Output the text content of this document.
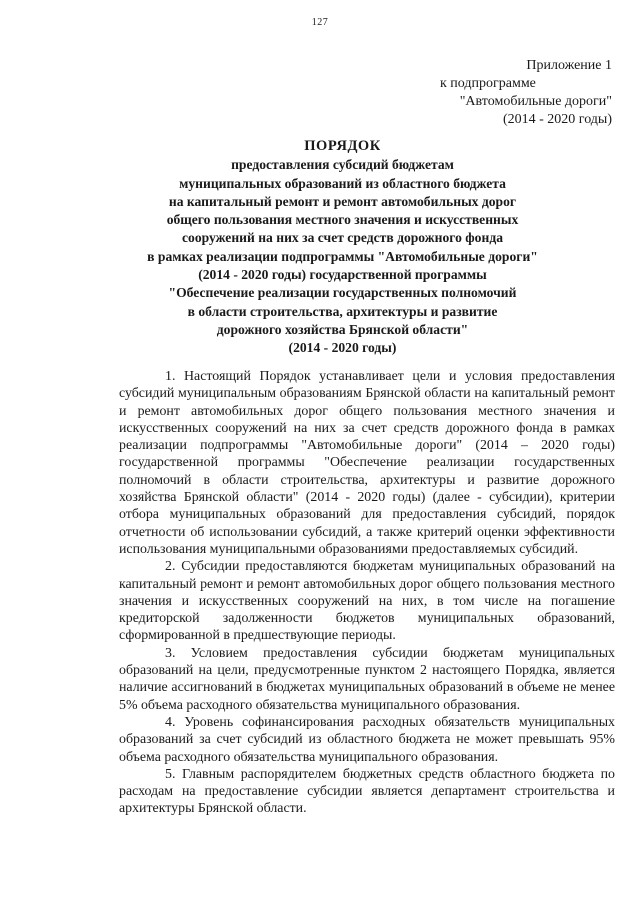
127
Приложение 1
к подпрограмме
"Автомобильные дороги"
(2014 - 2020 годы)
ПОРЯДОК
предоставления субсидий бюджетам
муниципальных образований из областного бюджета
на капитальный ремонт и ремонт автомобильных дорог
общего пользования местного значения и искусственных
сооружений на них за счет средств дорожного фонда
в рамках реализации подпрограммы "Автомобильные дороги"
(2014 - 2020 годы) государственной программы
"Обеспечение реализации государственных полномочий
в области строительства, архитектуры и развитие
дорожного хозяйства Брянской области"
(2014 - 2020 годы)

1. Настоящий Порядок устанавливает цели и условия предоставления субсидий муниципальным образованиям Брянской области на капитальный ремонт и ремонт автомобильных дорог общего пользования местного значения и искусственных сооружений на них за счет средств дорожного фонда в рамках реализации подпрограммы "Автомобильные дороги" (2014 – 2020 годы) государственной программы "Обеспечение реализации государственных полномочий в области строительства, архитектуры и развитие дорожного хозяйства Брянской области" (2014 - 2020 годы) (далее - субсидии), критерии отбора муниципальных образований для предоставления субсидий, порядок отчетности об использовании субсидий, а также критерий оценки эффективности использования муниципальными образованиями предоставляемых субсидий.

2. Субсидии предоставляются бюджетам муниципальных образований на капитальный ремонт и ремонт автомобильных дорог общего пользования местного значения и искусственных сооружений на них, в том числе на погашение кредиторской задолженности бюджетов муниципальных образований, сформированной в предшествующие периоды.

3. Условием предоставления субсидии бюджетам муниципальных образований на цели, предусмотренные пунктом 2 настоящего Порядка, является наличие ассигнований в бюджетах муниципальных образований в объеме не менее 5% объема расходного обязательства муниципального образования.

4. Уровень софинансирования расходных обязательств муниципальных образований за счет субсидий из областного бюджета не может превышать 95% объема расходного обязательства муниципального образования.

5. Главным распорядителем бюджетных средств областного бюджета по расходам на предоставление субсидии является департамент строительства и архитектуры Брянской области.
